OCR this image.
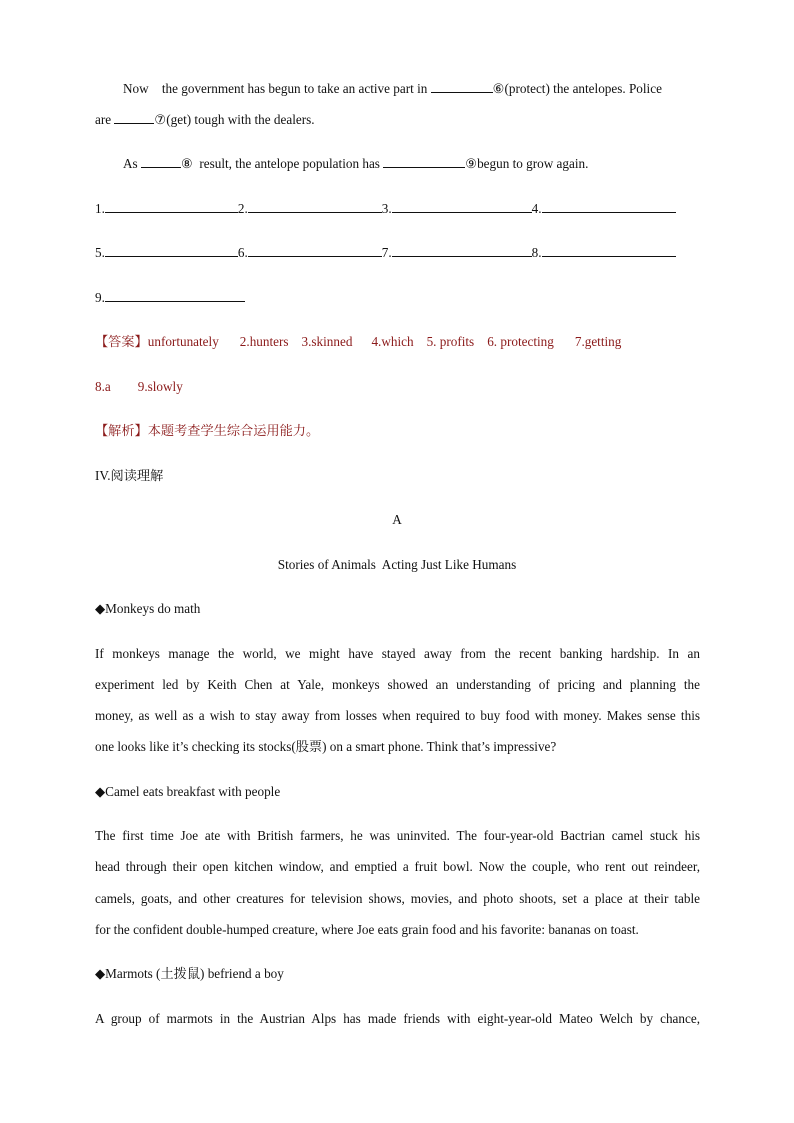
Now the government has begun to take an active part in	⑥(protect) the antelopes. Police
are	⑦(get) tough with the dealers.
As	⑧ result, the antelope population has	⑨begun to grow again.
1.	2.	3.	4.
5.	6.	7.	8.
9.
【答案】unfortunately 2.hunters 3.skinned 4.which 5. profits 6. protecting 7.getting
8.a 9.slowly
【解析】本题考查学生综合运用能力。
IV.阅读理解
A
Stories of Animals  Acting Just Like Humans
◆Monkeys do math
If monkeys manage the world, we might have stayed away from the recent banking hardship. In an
experiment led by Keith Chen at Yale, monkeys showed an understanding of pricing and planning the
money, as well as a wish to stay away from losses when required to buy food with money. Makes sense this
one looks like it’s checking its stocks(股票) on a smart phone. Think that’s impressive?
◆Camel eats breakfast with people
The first time Joe ate with British farmers, he was uninvited. The four-year-old Bactrian camel stuck his
head through their open kitchen window, and emptied a fruit bowl. Now the couple, who rent out reindeer,
camels, goats, and other creatures for television shows, movies, and photo shoots, set a place at their table
for the confident double-humped creature, where Joe eats grain food and his favorite: bananas on toast.
◆Marmots (土拨鼠) befriend a boy
A group of marmots in the Austrian Alps has made friends with eight-year-old Mateo Welch by chance,
